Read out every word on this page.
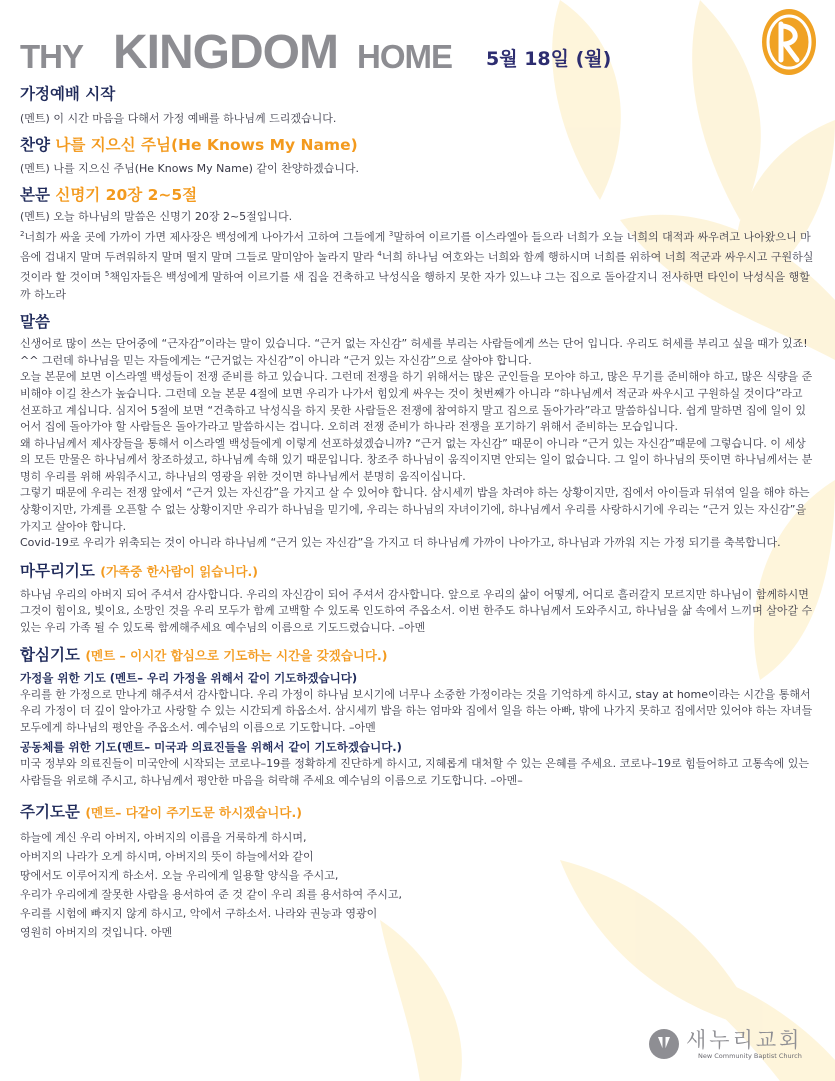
THY KINGDOM HOME 5월 18일 (월)
가정예배 시작

(멘트) 이 시간 마음을 다해서 가정 예배를 하나님께 드리겠습니다.

찬양 나를 지으신 주님(He Knows My Name)

(멘트) 나를 지으신 주님(He Knows My Name) 같이 찬양하겠습니다.

본문 신명기 20장 2~5절

(멘트) 오늘 하나님의 말씀은 신명기 20장 2~5절입니다.

$^2$너희가 싸울 곳에 가까이 가면 제사장은 백성에게 나아가서 고하여 그들에게 $^3$말하여 이르기를 이스라엘아 들으라 너희가 오늘 너희의 대적과 싸우려고 나아왔으니 마음에 겁내지 말며 두려워하지 말며 떨지 말며 그들로 말미암아 놀라지 말라 $^4$너희 하나님 여호와는 너희와 함께 행하시며 너희를 위하여 너희 적군과 싸우시고 구원하실 것이라 할 것이며 $^5$책임자들은 백성에게 말하여 이르기를 새 집을 건축하고 낙성식을 행하지 못한 자가 있느냐 그는 집으로 돌아갈지니 전사하면 타인이 낙성식을 행할까 하노라

말씀

신생어로 많이 쓰는 단어중에 “근자감”이라는 말이 있습니다. “근거 없는 자신감” 허세를 부리는 사람들에게 쓰는 단어 입니다. 우리도 허세를 부리고 싶을 때가 있죠! ^^ 그런데 하나님을 믿는 자들에게는 “근거없는 자신감”이 아니라 “근거 있는 자신감”으로 살아야 합니다.

오늘 본문에 보면 이스라엘 백성들이 전쟁 준비를 하고 있습니다. 그런데 전쟁을 하기 위해서는 많은 군인들을 모아야 하고, 많은 무기를 준비해야 하고, 많은 식량을 준비해야 이길 찬스가 높습니다. 그런데 오늘 본문 4절에 보면 우리가 나가서 힘있게 싸우는 것이 첫번째가 아니라 “하나님께서 적군과 싸우시고 구원하실 것이다”라고 선포하고 계십니다. 심지어 5절에 보면 “건축하고 낙성식을 하지 못한 사람들은 전쟁에 참여하지 말고 집으로 돌아가라”라고 말씀하십니다. 쉽게 말하면 집에 일이 있어서 집에 돌아가야 할 사람들은 돌아가라고 말씀하시는 겁니다. 오히려 전쟁 준비가 하나라 전쟁을 포기하기 위해서 준비하는 모습입니다.

왜 하나님께서 제사장들을 통해서 이스라엘 백성들에게 이렇게 선포하셨겠습니까? “근거 없는 자신감” 때문이 아니라 “근거 있는 자신감”때문에 그렇습니다. 이 세상의 모든 만물은 하나님께서 창조하셨고, 하나님께 속해 있기 때문입니다. 창조주 하나님이 움직이지면 안되는 일이 없습니다. 그 일이 하나님의 뜻이면 하나님께서는 분명히 우리를 위해 싸워주시고, 하나님의 영광을 위한 것이면 하나님께서 분명히 움직이십니다.

그렇기 때문에 우리는 전쟁 앞에서 “근거 있는 자신감”을 가지고 살 수 있어야 합니다. 삼시세끼 밥을 차려야 하는 상황이지만, 집에서 아이들과 뒤섞여 일을 해야 하는 상황이지만, 가계를 오픈할 수 없는 상황이지만 우리가 하나님을 믿기에, 우리는 하나님의 자녀이기에, 하나님께서 우리를 사랑하시기에 우리는 “근거 있는 자신감”을 가지고 살아야 합니다.

Covid-19로 우리가 위축되는 것이 아니라 하나님께 “근거 있는 자신감”을 가지고 더 하나님께 가까이 나아가고, 하나님과 가까워 지는 가정 되기를 축복합니다.

마무리기도 (가족중 한사람이 읽습니다.)

하나님 우리의 아버지 되어 주셔서 감사합니다. 우리의 자신감이 되어 주셔서 감사합니다. 앞으로 우리의 삶이 어떻게, 어디로 흘러갈지 모르지만 하나님이 함께하시면 그것이 힘이요, 빛이요, 소망인 것을 우리 모두가 함께 고백할 수 있도록 인도하여 주옵소서. 이번 한주도 하나님께서 도와주시고, 하나님을 삶 속에서 느끼며 살아갈 수 있는 우리 가족 될 수 있도록 함께해주세요 예수님의 이름으로 기도드렸습니다. –아멘

합심기도 (멘트 – 이시간 합심으로 기도하는 시간을 갖겠습니다.)
가정을 위한 기도 (멘트– 우리 가정을 위해서 같이 기도하겠습니다)

우리를 한 가정으로 만나게 해주셔서 감사합니다. 우리 가정이 하나님 보시기에 너무나 소중한 가정이라는 것을 기억하게 하시고, stay at home이라는 시간을 통해서 우리 가정이 더 깊이 알아가고 사랑할 수 있는 시간되게 하옵소서. 삼시세끼 밥을 하는 엄마와 집에서 일을 하는 아빠, 밖에 나가지 못하고 집에서만 있어야 하는 자녀들 모두에게 하나님의 평안을 주옵소서. 예수님의 이름으로 기도합니다. –아멘

공동체를 위한 기도(멘트– 미국과 의료진들을 위해서 같이 기도하겠습니다.)

미국 정부와 의료진들이 미국안에 시작되는 코로나–19를 정확하게 진단하게 하시고, 지혜롭게 대처할 수 있는 은혜를 주세요. 코로나–19로 힘들어하고 고통속에 있는 사람들을 위로해 주시고, 하나님께서 평안한 마음을 허락해 주세요 예수님의 이름으로 기도합니다. –아멘–

주기도문 (멘트– 다같이 주기도문 하시겠습니다.)

하늘에 계신 우리 아버지, 아버지의 이름을 거룩하게 하시며,

아버지의 나라가 오게 하시며, 아버지의 뜻이 하늘에서와 같이

땅에서도 이루어지게 하소서. 오늘 우리에게 일용할 양식을 주시고,

우리가 우리에게 잘못한 사람을 용서하여 준 것 같이 우리 죄를 용서하여 주시고,

우리를 시험에 빠지지 않게 하시고, 악에서 구하소서. 나라와 권능과 영광이

영원히 아버지의 것입니다. 아멘

새누리교회
New Community Baptist Church
